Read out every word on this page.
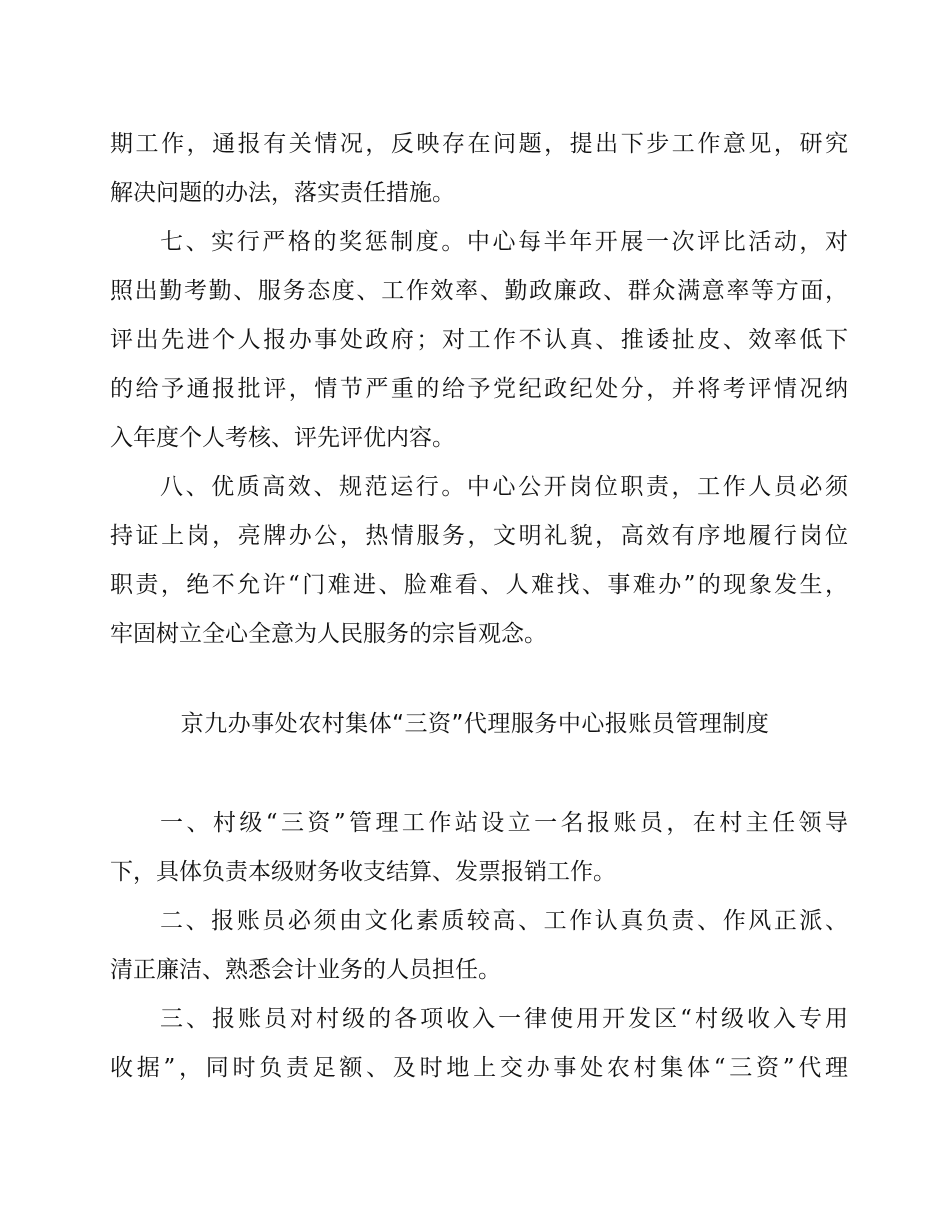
期工作，通报有关情况，反映存在问题，提出下步工作意见，研究
解决问题的办法，落实责任措施。
七、实行严格的奖惩制度。中心每半年开展一次评比活动，对
照出勤考勤、服务态度、工作效率、勤政廉政、群众满意率等方面，
评出先进个人报办事处政府；对工作不认真、推诿扯皮、效率低下
的给予通报批评，情节严重的给予党纪政纪处分，并将考评情况纳
入年度个人考核、评先评优内容。
八、优质高效、规范运行。中心公开岗位职责，工作人员必须
持证上岗，亮牌办公，热情服务，文明礼貌，高效有序地履行岗位
职责，绝不允许“门难进、脸难看、人难找、事难办”的现象发生，
牢固树立全心全意为人民服务的宗旨观念。
京九办事处农村集体“三资”代理服务中心报账员管理制度
一、村级“三资”管理工作站设立一名报账员，在村主任领导
下，具体负责本级财务收支结算、发票报销工作。
二、报账员必须由文化素质较高、工作认真负责、作风正派、
清正廉洁、熟悉会计业务的人员担任。
三、报账员对村级的各项收入一律使用开发区“村级收入专用
收据”，同时负责足额、及时地上交办事处农村集体“三资”代理
